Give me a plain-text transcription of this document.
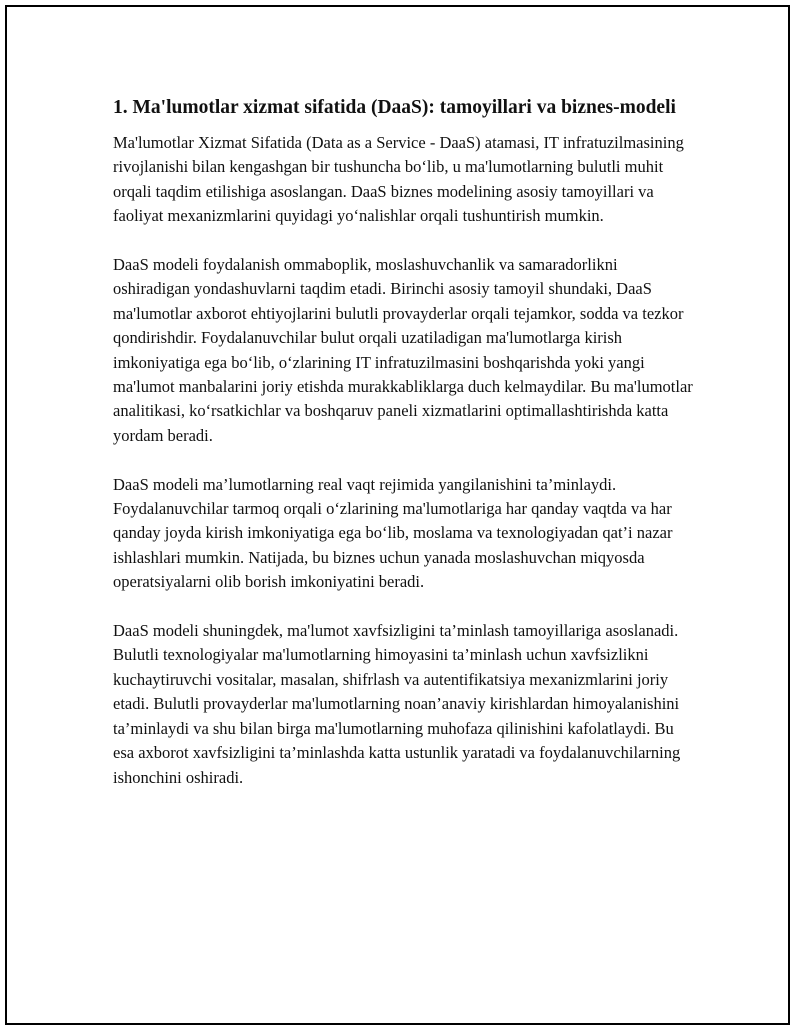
1. Ma'lumotlar xizmat sifatida (DaaS): tamoyillari va biznes-modeli

Ma'lumotlar Xizmat Sifatida (Data as a Service - DaaS) atamasi, IT infratuzilmasining rivojlanishi bilan kengashgan bir tushuncha bo‘lib, u ma'lumotlarning bulutli muhit orqali taqdim etilishiga asoslangan. DaaS biznes modelining asosiy tamoyillari va faoliyat mexanizmlarini quyidagi yo‘nalishlar orqali tushuntirish mumkin.

DaaS modeli foydalanish ommaboplik, moslashuvchanlik va samaradorlikni oshiradigan yondashuvlarni taqdim etadi. Birinchi asosiy tamoyil shundaki, DaaS ma'lumotlar axborot ehtiyojlarini bulutli provayderlar orqali tejamkor, sodda va tezkor qondirishdir. Foydalanuvchilar bulut orqali uzatiladigan ma'lumotlarga kirish imkoniyatiga ega bo‘lib, o‘zlarining IT infratuzilmasini boshqarishda yoki yangi ma'lumot manbalarini joriy etishda murakkabliklarga duch kelmaydilar. Bu ma'lumotlar analitikasi, ko‘rsatkichlar va boshqaruv paneli xizmatlarini optimallashtirishda katta yordam beradi.

DaaS modeli ma’lumotlarning real vaqt rejimida yangilanishini ta’minlaydi. Foydalanuvchilar tarmoq orqali o‘zlarining ma'lumotlariga har qanday vaqtda va har qanday joyda kirish imkoniyatiga ega bo‘lib, moslama va texnologiyadan qat’i nazar ishlashlari mumkin. Natijada, bu biznes uchun yanada moslashuvchan miqyosda operatsiyalarni olib borish imkoniyatini beradi.

DaaS modeli shuningdek, ma'lumot xavfsizligini ta’minlash tamoyillariga asoslanadi. Bulutli texnologiyalar ma'lumotlarning himoyasini ta’minlash uchun xavfsizlikni kuchaytiruvchi vositalar, masalan, shifrlash va autentifikatsiya mexanizmlarini joriy etadi. Bulutli provayderlar ma'lumotlarning noan’anaviy kirishlardan himoyalanishini ta’minlaydi va shu bilan birga ma'lumotlarning muhofaza qilinishini kafolatlaydi. Bu esa axborot xavfsizligini ta’minlashda katta ustunlik yaratadi va foydalanuvchilarning ishonchini oshiradi.
